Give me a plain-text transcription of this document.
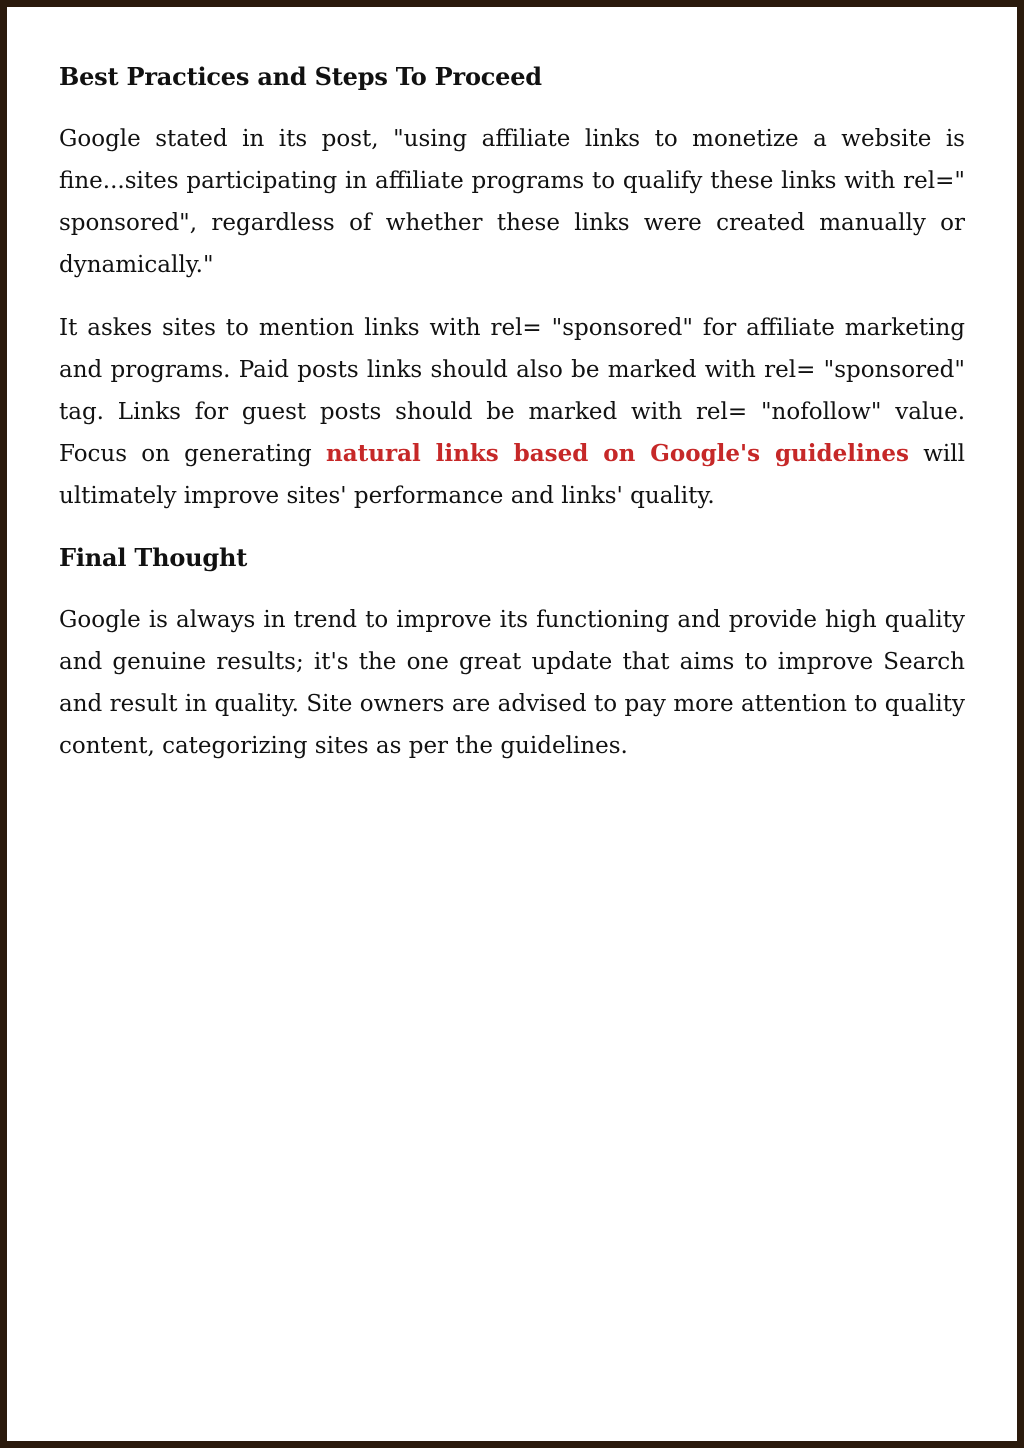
Best Practices and Steps To Proceed

Google stated in its post, "using affiliate links to monetize a website is fine...sites participating in affiliate programs to qualify these links with rel=" sponsored", regardless of whether these links were created manually or dynamically."

It askes sites to mention links with rel= "sponsored" for affiliate marketing and programs. Paid posts links should also be marked with rel= "sponsored" tag. Links for guest posts should be marked with rel= "nofollow" value. Focus on generating natural links based on Google's guidelines will ultimately improve sites' performance and links' quality.

Final Thought

Google is always in trend to improve its functioning and provide high quality and genuine results; it's the one great update that aims to improve Search and result in quality. Site owners are advised to pay more attention to quality content, categorizing sites as per the guidelines.
